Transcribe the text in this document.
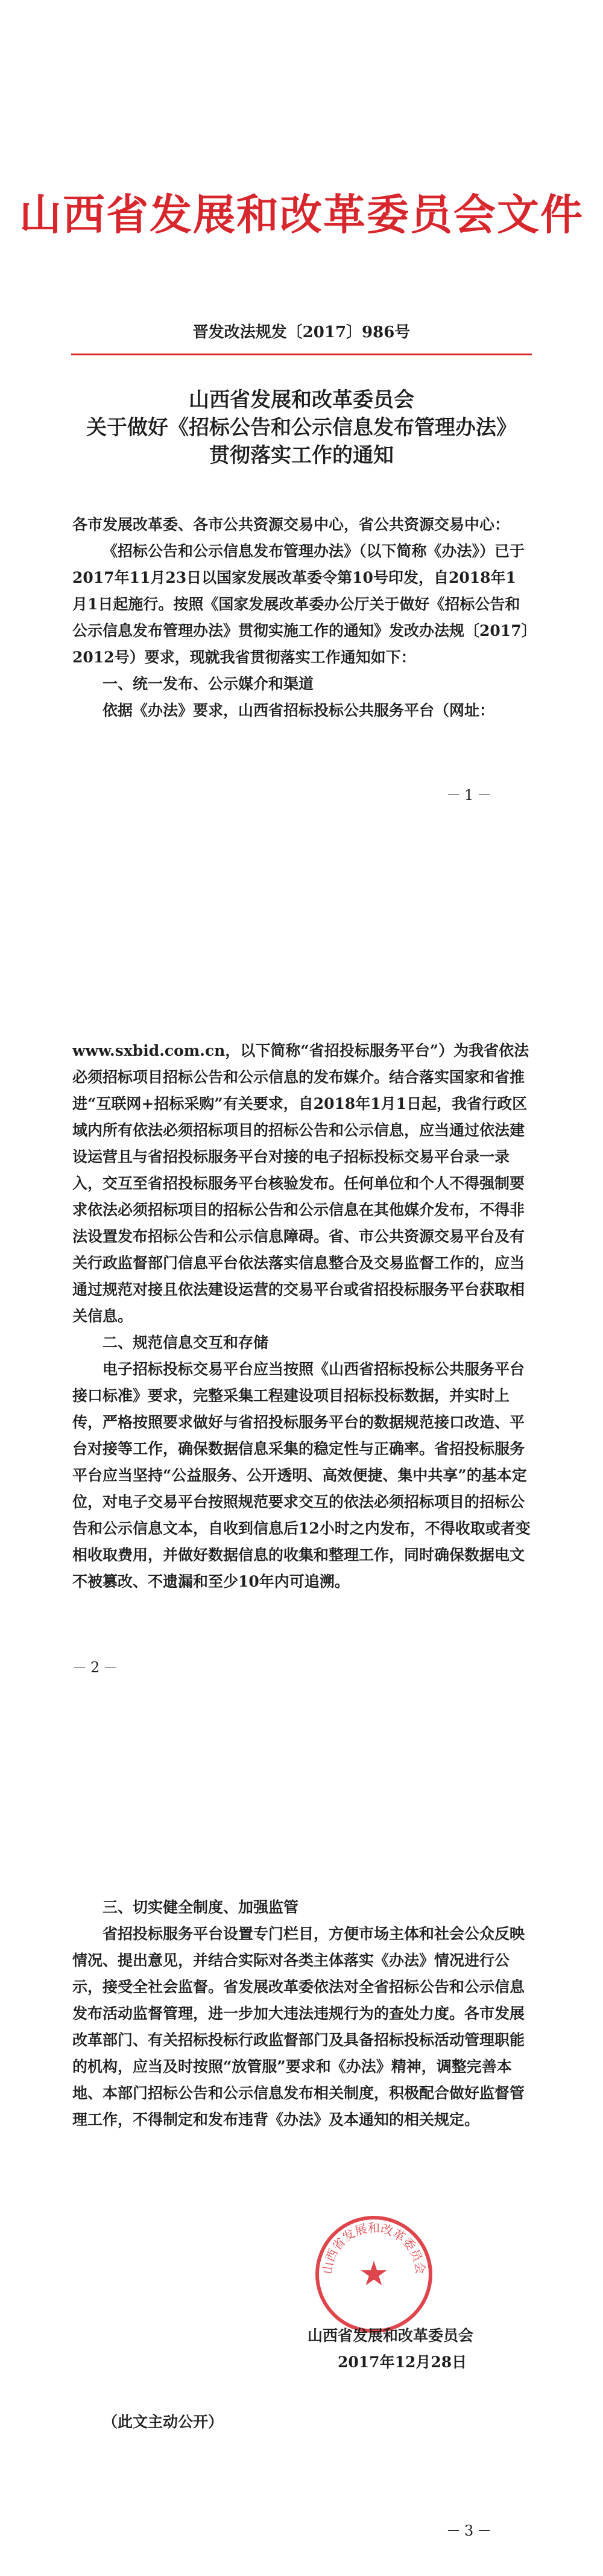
山西省发展和改革委员会文件
晋发改法规发〔2017〕986号
山西省发展和改革委员会
关于做好《招标公告和公示信息发布管理办法》
贯彻落实工作的通知

各市发展改革委、各市公共资源交易中心，省公共资源交易中心：

《招标公告和公示信息发布管理办法》（以下简称《办法》）已于2017年11月23日以国家发展改革委令第10号印发，自2018年1月1日起施行。按照《国家发展改革委办公厅关于做好《招标公告和公示信息发布管理办法》贯彻实施工作的通知》发改办法规〔2017〕2012号）要求，现就我省贯彻落实工作通知如下：

一、统一发布、公示媒介和渠道

依据《办法》要求，山西省招标投标公共服务平台（网址：

－1－

www.sxbid.com.cn，以下简称“省招投标服务平台”）为我省依法必须招标项目招标公告和公示信息的发布媒介。结合落实国家和省推进“互联网+招标采购”有关要求，自2018年1月1日起，我省行政区域内所有依法必须招标项目的招标公告和公示信息，应当通过依法建设运营且与省招投标服务平台对接的电子招标投标交易平台录一录入，交互至省招投标服务平台核验发布。任何单位和个人不得强制要求依法必须招标项目的招标公告和公示信息在其他媒介发布，不得非法设置发布招标公告和公示信息障碍。省、市公共资源交易平台及有关行政监督部门信息平台依法落实信息整合及交易监督工作的，应当通过规范对接且依法建设运营的交易平台或省招投标服务平台获取相关信息。

二、规范信息交互和存储

电子招标投标交易平台应当按照《山西省招标投标公共服务平台接口标准》要求，完整采集工程建设项目招标投标数据，并实时上传，严格按照要求做好与省招投标服务平台的数据规范接口改造、平台对接等工作，确保数据信息采集的稳定性与正确率。省招投标服务平台应当坚持“公益服务、公开透明、高效便捷、集中共享”的基本定位，对电子交易平台按照规范要求交互的依法必须招标项目的招标公告和公示信息文本，自收到信息后12小时之内发布，不得收取或者变相收取费用，并做好数据信息的收集和整理工作，同时确保数据电文不被篡改、不遗漏和至少10年内可追溯。

－2－

三、切实健全制度、加强监管

省招投标服务平台设置专门栏目，方便市场主体和社会公众反映情况、提出意见，并结合实际对各类主体落实《办法》情况进行公示，接受全社会监督。省发展改革委依法对全省招标公告和公示信息发布活动监督管理，进一步加大违法违规行为的查处力度。各市发展改革部门、有关招标投标行政监督部门及具备招标投标活动管理职能的机构，应当及时按照“放管服”要求和《办法》精神，调整完善本地、本部门招标公告和公示信息发布相关制度，积极配合做好监督管理工作，不得制定和发布违背《办法》及本通知的相关规定。

山西省发展和改革委员会
★
山西省发展和改革委员会
2017年12月28日
（此文主动公开）
－3－
